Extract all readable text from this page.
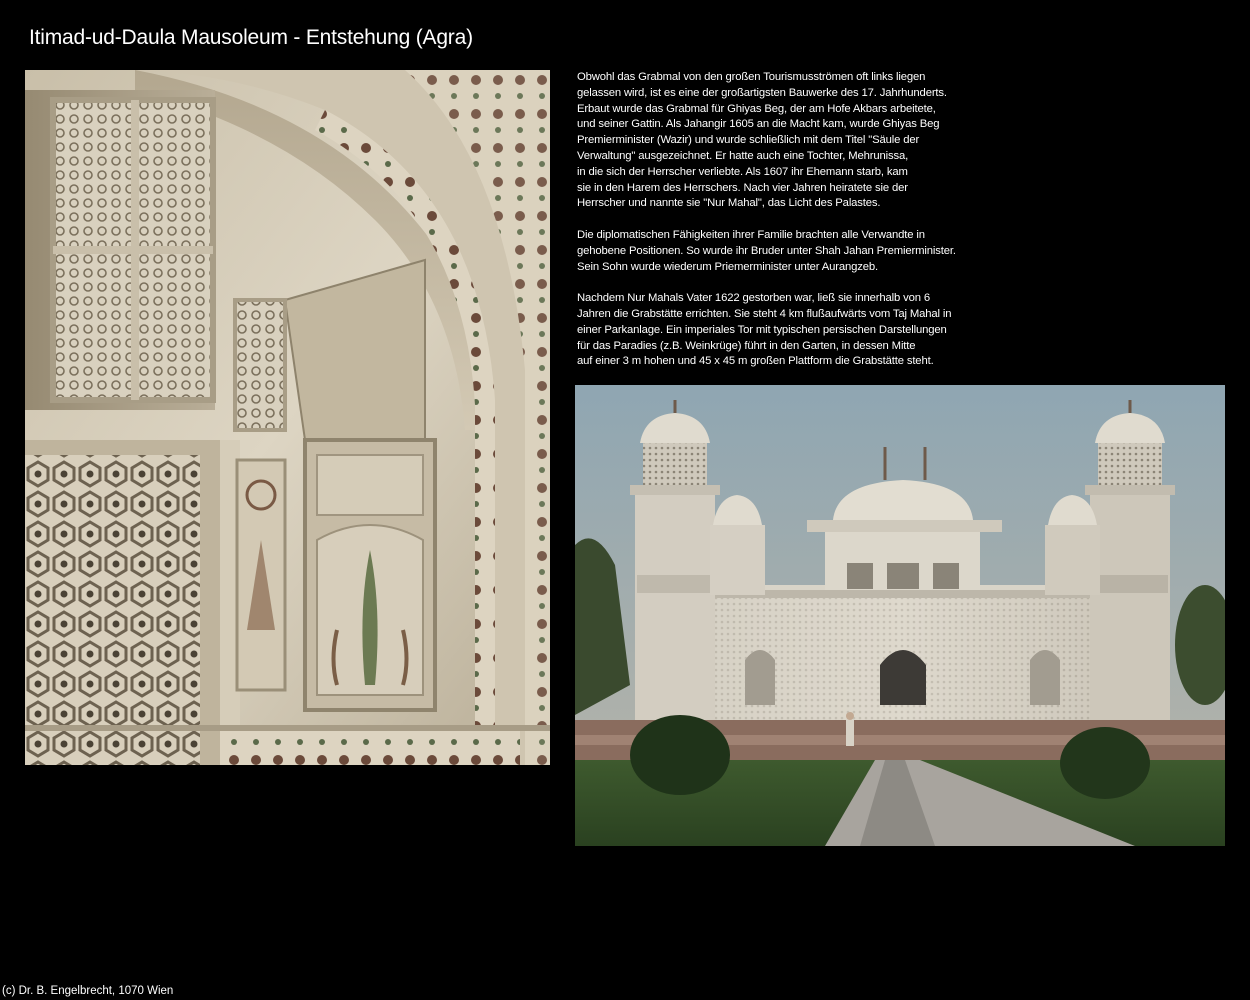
Itimad-ud-Daula Mausoleum - Entstehung (Agra)

Obwohl das Grabmal von den großen Tourismusströmen oft links liegen
gelassen wird, ist es eine der großartigsten Bauwerke des 17. Jahrhunderts.
Erbaut wurde das Grabmal für Ghiyas Beg, der am Hofe Akbars arbeitete,
und seiner Gattin. Als Jahangir 1605 an die Macht kam, wurde Ghiyas Beg
Premierminister (Wazir) und wurde schließlich mit dem Titel "Säule der
Verwaltung" ausgezeichnet. Er hatte auch eine Tochter, Mehrunissa,
in die sich der Herrscher verliebte. Als 1607 ihr Ehemann starb, kam
sie in den Harem des Herrschers. Nach vier Jahren heiratete sie der
Herrscher und nannte sie "Nur Mahal", das Licht des Palastes.

Die diplomatischen Fähigkeiten ihrer Familie brachten alle Verwandte in
gehobene Positionen. So wurde ihr Bruder unter Shah Jahan Premierminister.
Sein Sohn wurde wiederum Priemerminister unter Aurangzeb.

Nachdem Nur Mahals Vater 1622 gestorben war, ließ sie innerhalb von 6
Jahren die Grabstätte errichten. Sie steht 4 km flußaufwärts vom Taj Mahal in
einer Parkanlage. Ein imperiales Tor mit typischen persischen Darstellungen
für das Paradies (z.B. Weinkrüge) führt in den Garten, in dessen Mitte
auf einer 3 m hohen und 45 x 45 m großen Plattform die Grabstätte steht.

(c) Dr. B. Engelbrecht, 1070 Wien
